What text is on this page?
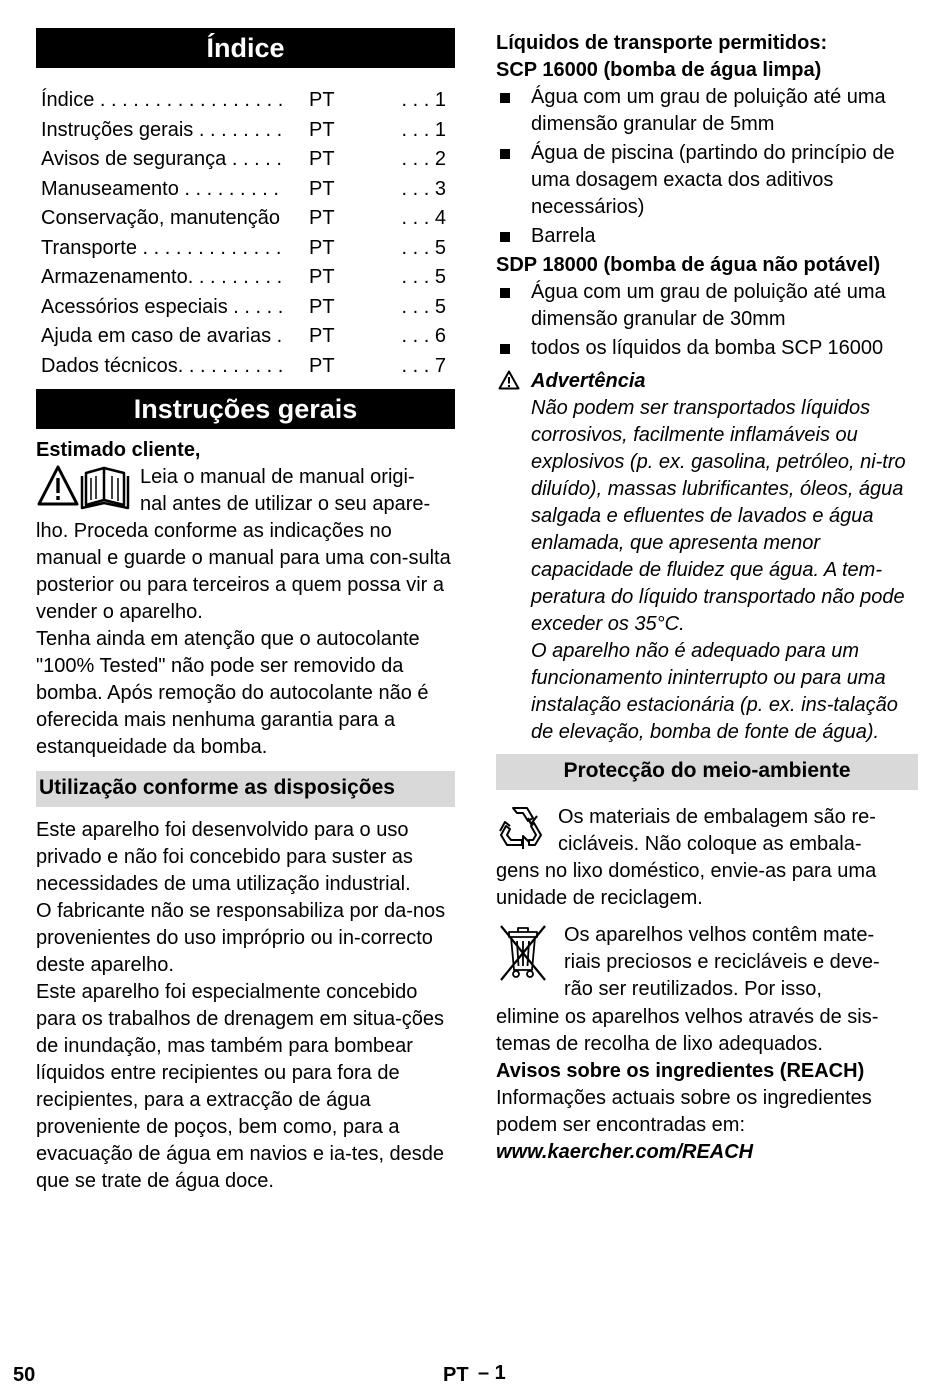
Índice
Índice . . . . . . . . . . . . . . . . .	PT	. . . 1
Instruções gerais . . . . . . . .	PT	. . . 1
Avisos de segurança . . . . .	PT	. . . 2
Manuseamento . . . . . . . . .	PT	. . . 3
Conservação, manutenção	PT	. . . 4
Transporte . . . . . . . . . . . . .	PT	. . . 5
Armazenamento. . . . . . . . .	PT	. . . 5
Acessórios especiais . . . . .	PT	. . . 5
Ajuda em caso de avarias .	PT	. . . 6
Dados técnicos. . . . . . . . . .	PT	. . . 7
Instruções gerais

Estimado cliente,

Leia o manual de manual origi-

nal antes de utilizar o seu apare-

lho. Proceda conforme as indicações no manual e guarde o manual para uma con-sulta posterior ou para terceiros a quem possa vir a vender o aparelho.

Tenha ainda em atenção que o autocolante "100% Tested" não pode ser removido da bomba. Após remoção do autocolante não é oferecida mais nenhuma garantia para a estanqueidade da bomba.

Utilização conforme as disposições

Este aparelho foi desenvolvido para o uso privado e não foi concebido para suster as necessidades de uma utilização industrial.

O fabricante não se responsabiliza por da-nos provenientes do uso impróprio ou in-correcto deste aparelho.

Este aparelho foi especialmente concebido para os trabalhos de drenagem em situa-ções de inundação, mas também para bombear líquidos entre recipientes ou para fora de recipientes, para a extracção de água proveniente de poços, bem como, para a evacuação de água em navios e ia-tes, desde que se trate de água doce.

Líquidos de transporte permitidos:

SCP 16000 (bomba de água limpa)

Água com um grau de poluição até uma dimensão granular de 5mm
Água de piscina (partindo do princípio de uma dosagem exacta dos aditivos necessários)
Barrela

SDP 18000 (bomba de água não potável)

Água com um grau de poluição até uma dimensão granular de 30mm
todos os líquidos da bomba SCP 16000
Advertência

Não podem ser transportados líquidos corrosivos, facilmente inflamáveis ou explosivos (p. ex. gasolina, petróleo, ni-tro diluído), massas lubrificantes, óleos, água salgada e efluentes de lavados e água enlamada, que apresenta menor capacidade de fluidez que água. A tem-peratura do líquido transportado não pode exceder os 35°C.

O aparelho não é adequado para um funcionamento ininterrupto ou para uma instalação estacionária (p. ex. ins-talação de elevação, bomba de fonte de água).

Protecção do meio-ambiente

Os materiais de embalagem são re-

cicláveis. Não coloque as embala-

gens no lixo doméstico, envie-as para uma unidade de reciclagem.

Os aparelhos velhos contêm mate-

riais preciosos e recicláveis e deve-

rão ser reutilizados. Por isso,

elimine os aparelhos velhos através de sis-temas de recolha de lixo adequados.

Avisos sobre os ingredientes (REACH)

Informações actuais sobre os ingredientes podem ser encontradas em:

www.kaercher.com/REACH

50	PT – 1
